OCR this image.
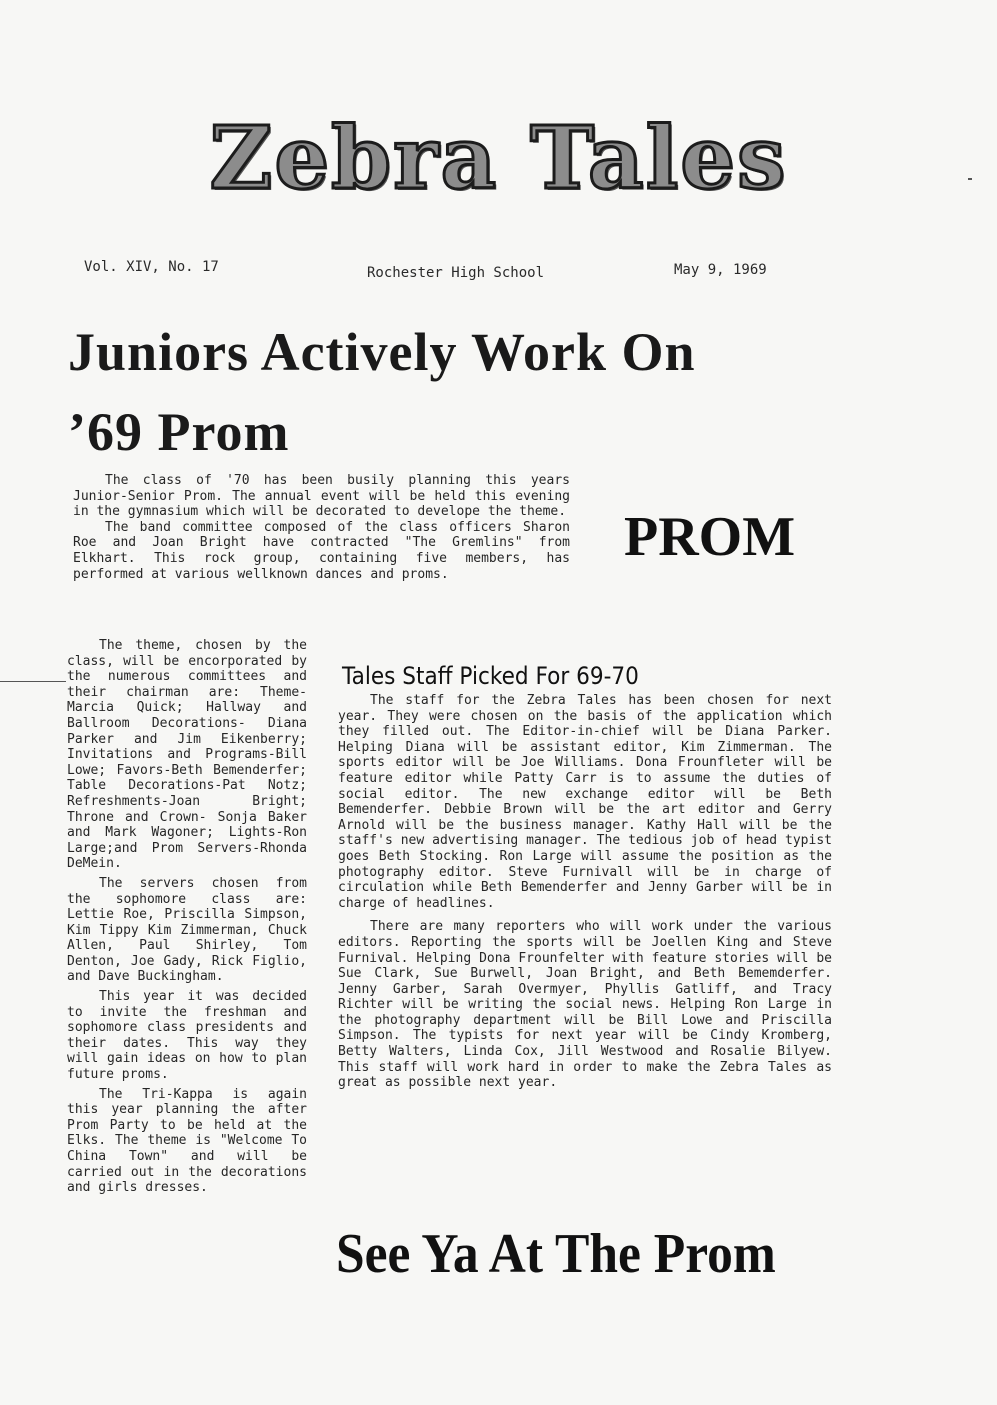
Zebra Tales
Vol. XIV, No. 17	Rochester High School	May 9, 1969
Juniors Actively Work On
’69 Prom
PROM

The class of '70 has been busily planning this years Junior-Senior Prom. The annual event will be held this evening in the gymnasium which will be decorated to develope the theme.

The band committee composed of the class officers Sharon Roe and Joan Bright have contracted "The Gremlins" from Elkhart. This rock group, containing five members, has performed at various wellknown dances and proms.

The theme, chosen by the class, will be encorporated by the numerous committees and their chairman are: Theme-Marcia Quick; Hallway and Ballroom Decorations- Diana Parker and Jim Eikenberry; Invitations and Programs-Bill Lowe; Favors-Beth Bemenderfer; Table Decorations-Pat Notz; Refreshments-Joan Bright; Throne and Crown- Sonja Baker and Mark Wagoner; Lights-Ron Large;and Prom Servers-Rhonda DeMein.

The servers chosen from the sophomore class are: Lettie Roe, Priscilla Simpson, Kim Tippy Kim Zimmerman, Chuck Allen, Paul Shirley, Tom Denton, Joe Gady, Rick Figlio, and Dave Buckingham.

This year it was decided to invite the freshman and sophomore class presidents and their dates. This way they will gain ideas on how to plan future proms.

The Tri-Kappa is again this year planning the after Prom Party to be held at the Elks. The theme is "Welcome To China Town" and will be carried out in the decorations and girls dresses.

Tales Staff Picked For 69-70

The staff for the Zebra Tales has been chosen for next year. They were chosen on the basis of the application which they filled out. The Editor-in-chief will be Diana Parker. Helping Diana will be assistant editor, Kim Zimmerman. The sports editor will be Joe Williams. Dona Frounfleter will be feature editor while Patty Carr is to assume the duties of social editor. The new exchange editor will be Beth Bemenderfer. Debbie Brown will be the art editor and Gerry Arnold will be the business manager. Kathy Hall will be the staff's new advertising manager. The tedious job of head typist goes Beth Stocking. Ron Large will assume the position as the photography editor. Steve Furnivall will be in charge of circulation while Beth Bemenderfer and Jenny Garber will be in charge of headlines.

There are many reporters who will work under the various editors. Reporting the sports will be Joellen King and Steve Furnival. Helping Dona Frounfelter with feature stories will be Sue Clark, Sue Burwell, Joan Bright, and Beth Bememderfer. Jenny Garber, Sarah Overmyer, Phyllis Gatliff, and Tracy Richter will be writing the social news. Helping Ron Large in the photography department will be Bill Lowe and Priscilla Simpson. The typists for next year will be Cindy Kromberg, Betty Walters, Linda Cox, Jill Westwood and Rosalie Bilyew. This staff will work hard in order to make the Zebra Tales as great as possible next year.

See Ya At The Prom
